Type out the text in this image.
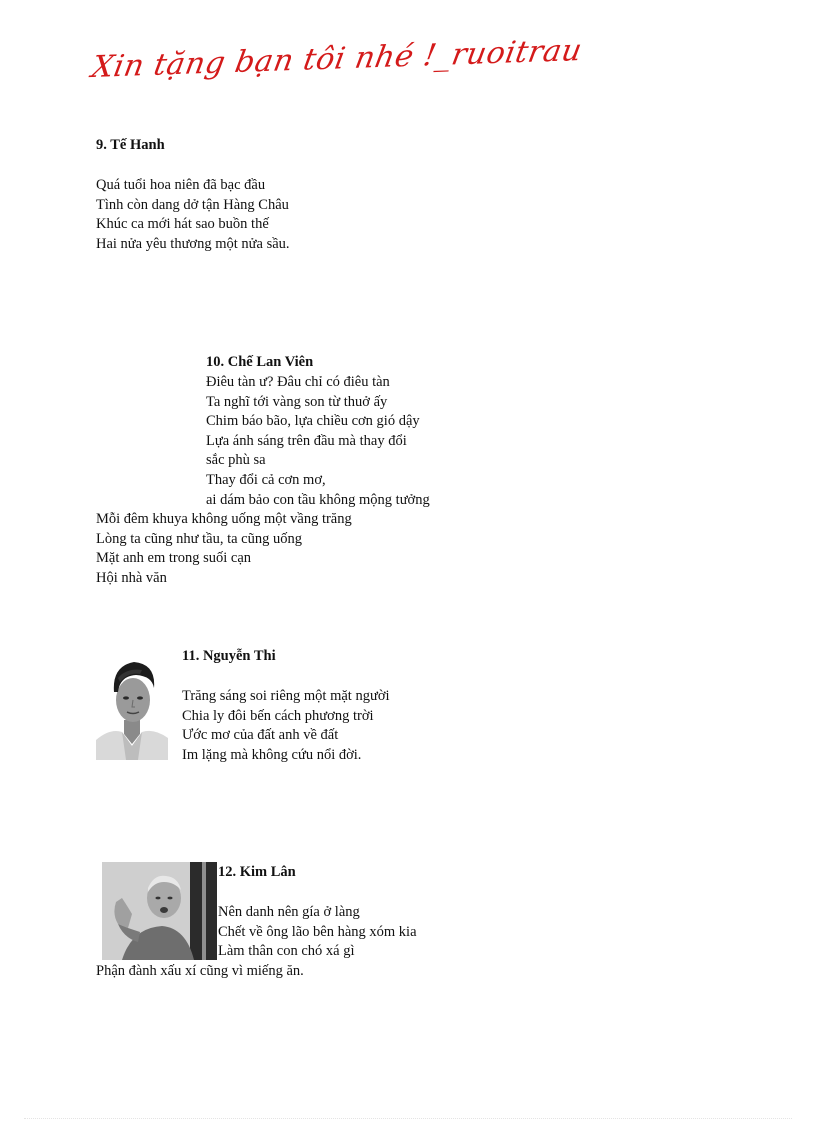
Xin tặng bạn tôi nhé !_ruoitrau
9. Tế Hanh
Quá tuổi hoa niên đã bạc đầu
Tình còn dang dở tận Hàng Châu
Khúc ca mới hát sao buồn thế
Hai nửa yêu thương một nửa sầu.
10. Chế Lan Viên
Điêu tàn ư? Đâu chỉ có điêu tàn
Ta nghĩ tới vàng son từ thuở ấy
Chim báo bão, lựa chiều cơn gió dậy
Lựa ánh sáng trên đầu mà thay đổi
sắc phù sa
Thay đổi cả cơn mơ,
ai dám bảo con tầu không mộng tưởng
Mỗi đêm khuya không uống một vầng trăng
Lòng ta cũng như tầu, ta cũng uống
Mặt anh em trong suối cạn
Hội nhà văn
11. Nguyễn Thi
Trăng sáng soi riêng một mặt người
Chia ly đôi bến cách phương trời
Ước mơ của đất anh về đất
Im lặng mà không cứu nổi đời.
12. Kim Lân
Nên danh nên gía ở làng
Chết về ông lão bên hàng xóm kia
Làm thân con chó xá gì
Phận đành xấu xí cũng vì miếng ăn.
